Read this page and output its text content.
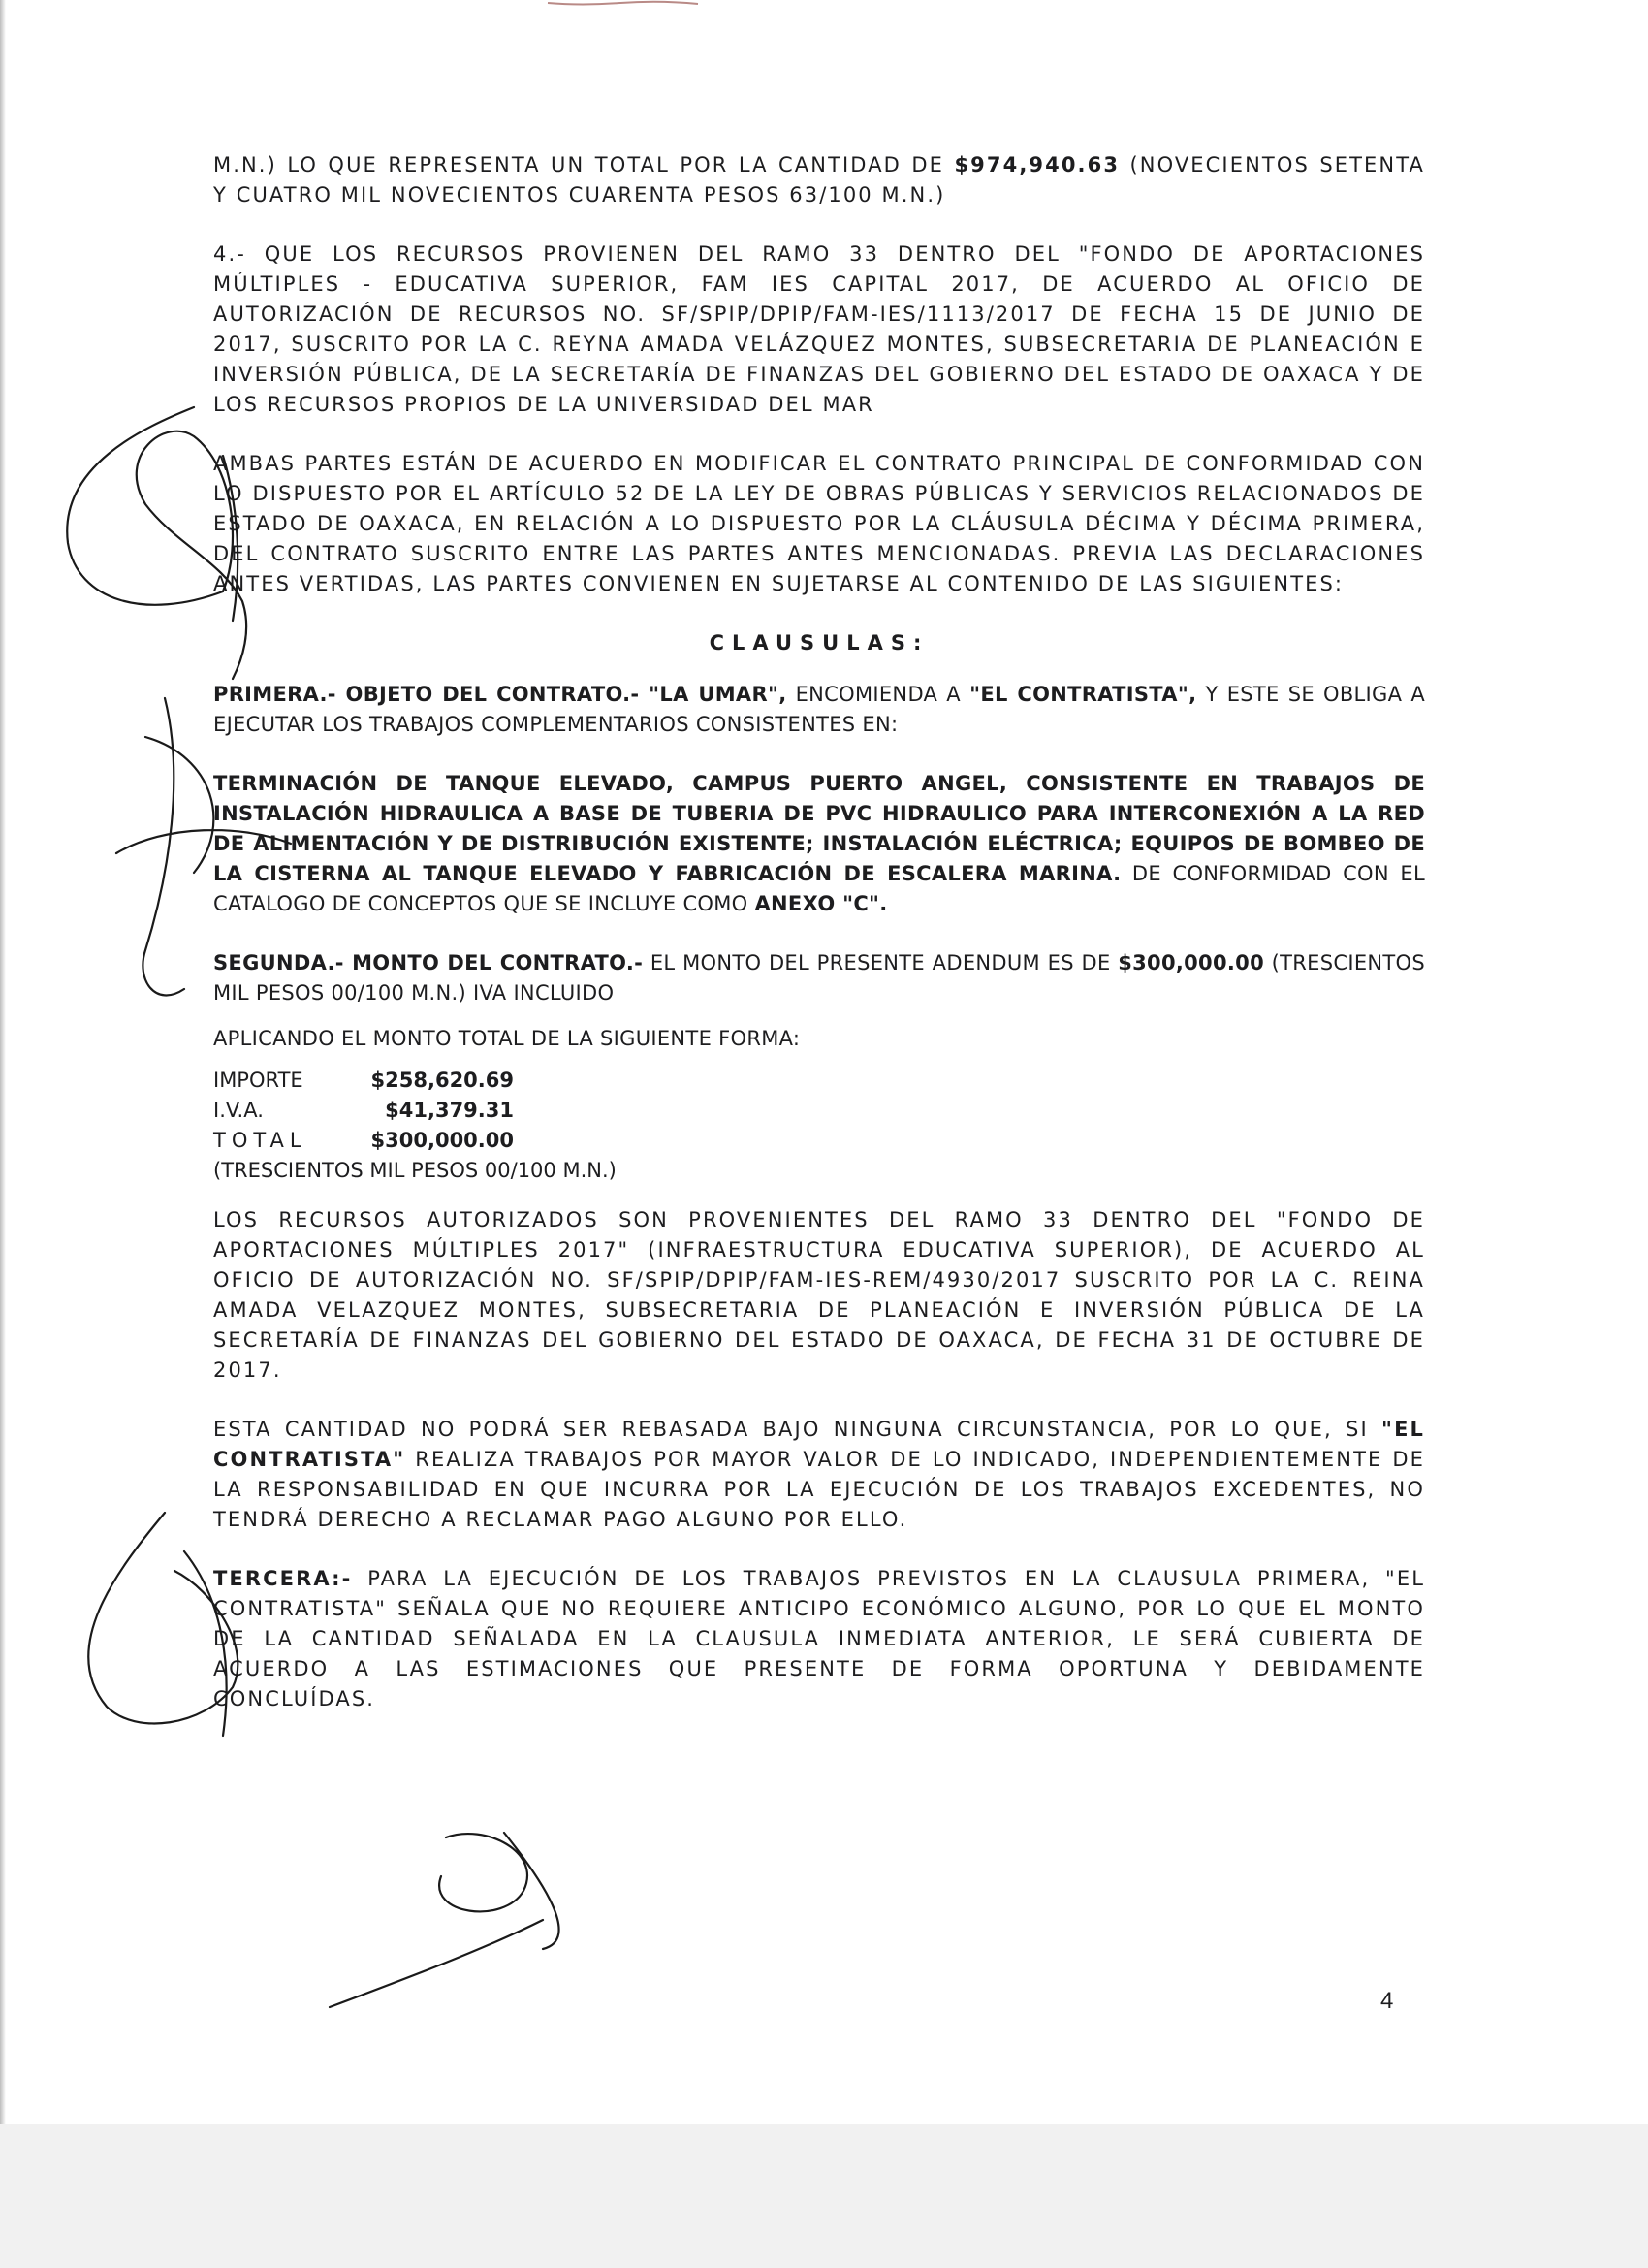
M.N.) LO QUE REPRESENTA UN TOTAL POR LA CANTIDAD DE $974,940.63 (NOVECIENTOS SETENTA Y CUATRO MIL NOVECIENTOS CUARENTA PESOS 63/100 M.N.)

4.- QUE LOS RECURSOS PROVIENEN DEL RAMO 33 DENTRO DEL "FONDO DE APORTACIONES MÚLTIPLES - EDUCATIVA SUPERIOR, FAM IES CAPITAL 2017, DE ACUERDO AL OFICIO DE AUTORIZACIÓN DE RECURSOS NO. SF/SPIP/DPIP/FAM-IES/1113/2017 DE FECHA 15 DE JUNIO DE 2017, SUSCRITO POR LA C. REYNA AMADA VELÁZQUEZ MONTES, SUBSECRETARIA DE PLANEACIÓN E INVERSIÓN PÚBLICA, DE LA SECRETARÍA DE FINANZAS DEL GOBIERNO DEL ESTADO DE OAXACA Y DE LOS RECURSOS PROPIOS DE LA UNIVERSIDAD DEL MAR

AMBAS PARTES ESTÁN DE ACUERDO EN MODIFICAR EL CONTRATO PRINCIPAL DE CONFORMIDAD CON LO DISPUESTO POR EL ARTÍCULO 52 DE LA LEY DE OBRAS PÚBLICAS Y SERVICIOS RELACIONADOS DE ESTADO DE OAXACA, EN RELACIÓN A LO DISPUESTO POR LA CLÁUSULA DÉCIMA Y DÉCIMA PRIMERA, DEL CONTRATO SUSCRITO ENTRE LAS PARTES ANTES MENCIONADAS. PREVIA LAS DECLARACIONES ANTES VERTIDAS, LAS PARTES CONVIENEN EN SUJETARSE AL CONTENIDO DE LAS SIGUIENTES:

CLAUSULAS:

PRIMERA.- OBJETO DEL CONTRATO.- "LA UMAR", ENCOMIENDA A "EL CONTRATISTA", Y ESTE SE OBLIGA A EJECUTAR LOS TRABAJOS COMPLEMENTARIOS CONSISTENTES EN:

TERMINACIÓN DE TANQUE ELEVADO, CAMPUS PUERTO ANGEL, CONSISTENTE EN TRABAJOS DE INSTALACIÓN HIDRAULICA A BASE DE TUBERIA DE PVC HIDRAULICO PARA INTERCONEXIÓN A LA RED DE ALIMENTACIÓN Y DE DISTRIBUCIÓN EXISTENTE; INSTALACIÓN ELÉCTRICA; EQUIPOS DE BOMBEO DE LA CISTERNA AL TANQUE ELEVADO Y FABRICACIÓN DE ESCALERA MARINA. DE CONFORMIDAD CON EL CATALOGO DE CONCEPTOS QUE SE INCLUYE COMO ANEXO "C".

SEGUNDA.- MONTO DEL CONTRATO.- EL MONTO DEL PRESENTE ADENDUM ES DE $300,000.00 (TRESCIENTOS MIL PESOS 00/100 M.N.) IVA INCLUIDO

APLICANDO EL MONTO TOTAL DE LA SIGUIENTE FORMA:

IMPORTE	$258,620.69
I.V.A.	$41,379.31
TOTAL	$300,000.00
(TRESCIENTOS MIL PESOS 00/100 M.N.)

LOS RECURSOS AUTORIZADOS SON PROVENIENTES DEL RAMO 33 DENTRO DEL "FONDO DE APORTACIONES MÚLTIPLES 2017" (INFRAESTRUCTURA EDUCATIVA SUPERIOR), DE ACUERDO AL OFICIO DE AUTORIZACIÓN NO. SF/SPIP/DPIP/FAM-IES-REM/4930/2017 SUSCRITO POR LA C. REINA AMADA VELAZQUEZ MONTES, SUBSECRETARIA DE PLANEACIÓN E INVERSIÓN PÚBLICA DE LA SECRETARÍA DE FINANZAS DEL GOBIERNO DEL ESTADO DE OAXACA, DE FECHA 31 DE OCTUBRE DE 2017.

ESTA CANTIDAD NO PODRÁ SER REBASADA BAJO NINGUNA CIRCUNSTANCIA, POR LO QUE, SI "EL CONTRATISTA" REALIZA TRABAJOS POR MAYOR VALOR DE LO INDICADO, INDEPENDIENTEMENTE DE LA RESPONSABILIDAD EN QUE INCURRA POR LA EJECUCIÓN DE LOS TRABAJOS EXCEDENTES, NO TENDRÁ DERECHO A RECLAMAR PAGO ALGUNO POR ELLO.

TERCERA:- PARA LA EJECUCIÓN DE LOS TRABAJOS PREVISTOS EN LA CLAUSULA PRIMERA, "EL CONTRATISTA" SEÑALA QUE NO REQUIERE ANTICIPO ECONÓMICO ALGUNO, POR LO QUE EL MONTO DE LA CANTIDAD SEÑALADA EN LA CLAUSULA INMEDIATA ANTERIOR, LE SERÁ CUBIERTA DE ACUERDO A LAS ESTIMACIONES QUE PRESENTE DE FORMA OPORTUNA Y DEBIDAMENTE CONCLUÍDAS.

4
